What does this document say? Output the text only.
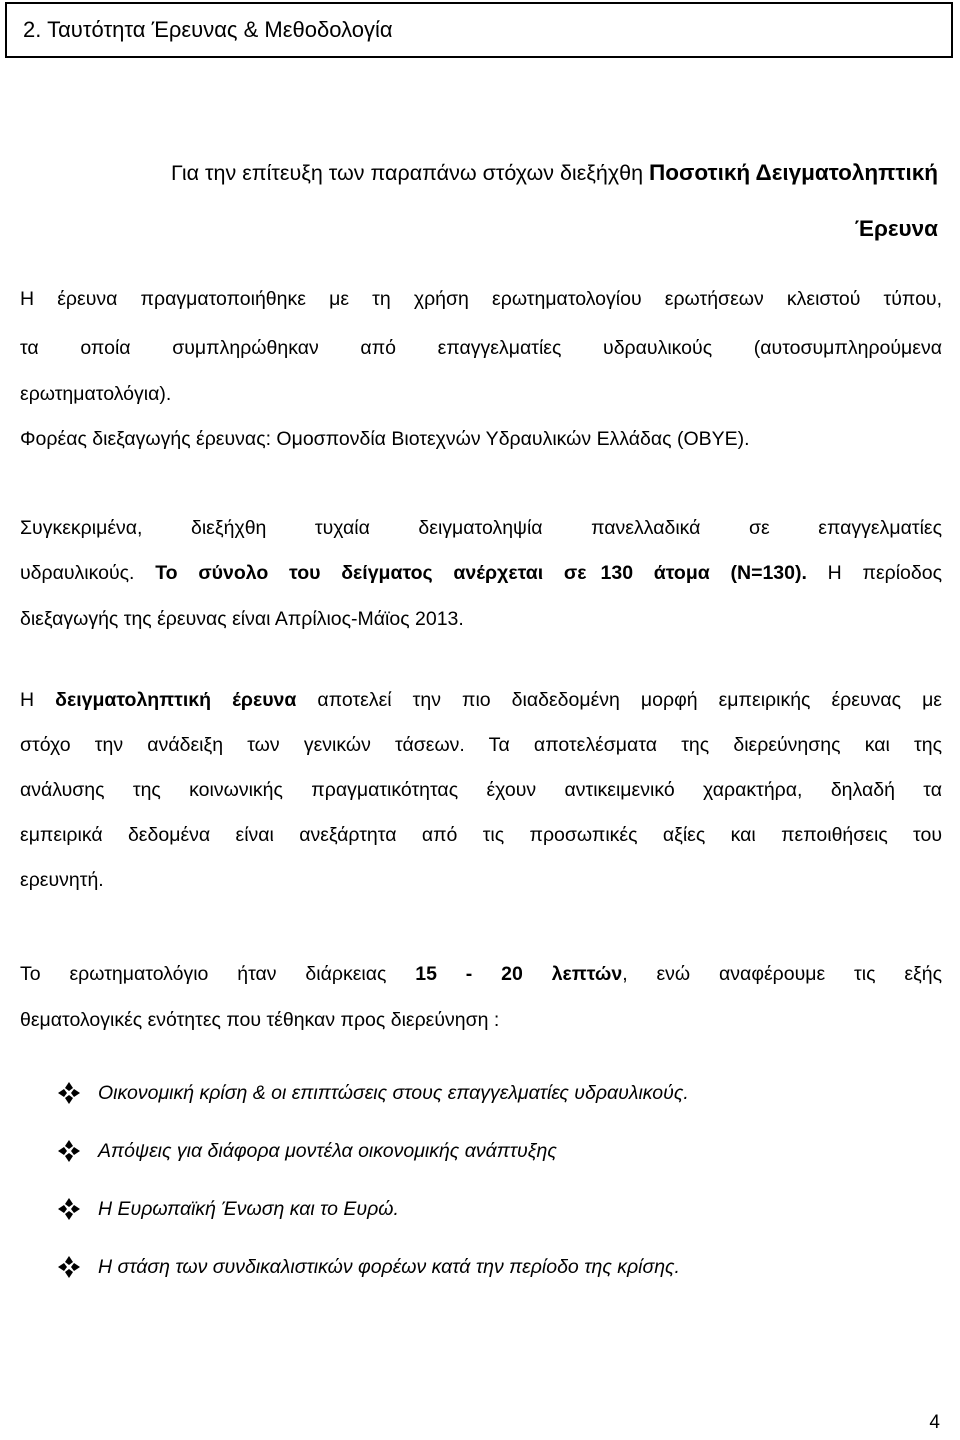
2. Ταυτότητα Έρευνας & Μεθοδολογία
Για την επίτευξη των παραπάνω στόχων διεξήχθη Ποσοτική Δειγματοληπτική
Έρευνα

Η έρευνα πραγματοποιήθηκε με τη χρήση ερωτηματολογίου ερωτήσεων κλειστού τύπου,

τα οποία συμπληρώθηκαν από επαγγελματίες υδραυλικούς (αυτοσυμπληρούμενα

ερωτηματολόγια).

Φορέας διεξαγωγής έρευνας: Ομοσπονδία Βιοτεχνών Υδραυλικών Ελλάδας (ΟΒΥΕ).

Συγκεκριμένα, διεξήχθη τυχαία δειγματοληψία πανελλαδικά σε επαγγελματίες

υδραυλικούς. Το σύνολο του δείγματος ανέρχεται σε 130 άτομα (Ν=130). Η περίοδος

διεξαγωγής της έρευνας είναι Απρίλιος-Μάϊος 2013.

Η δειγματοληπτική έρευνα αποτελεί την πιο διαδεδομένη μορφή εμπειρικής έρευνας με

στόχο την ανάδειξη των γενικών τάσεων. Τα αποτελέσματα της διερεύνησης και της

ανάλυσης της κοινωνικής πραγματικότητας έχουν αντικειμενικό χαρακτήρα, δηλαδή τα

εμπειρικά δεδομένα είναι ανεξάρτητα από τις προσωπικές αξίες και πεποιθήσεις του

ερευνητή.

Το ερωτηματολόγιο ήταν διάρκειας 15 - 20 λεπτών, ενώ αναφέρουμε τις εξής

θεματολογικές ενότητες που τέθηκαν προς διερεύνηση :

Οικονομική κρίση & οι επιπτώσεις στους επαγγελματίες υδραυλικούς.
Απόψεις για διάφορα μοντέλα οικονομικής ανάπτυξης
Η Ευρωπαϊκή Ένωση και το Ευρώ.
Η στάση των συνδικαλιστικών φορέων κατά την περίοδο της κρίσης.
4
